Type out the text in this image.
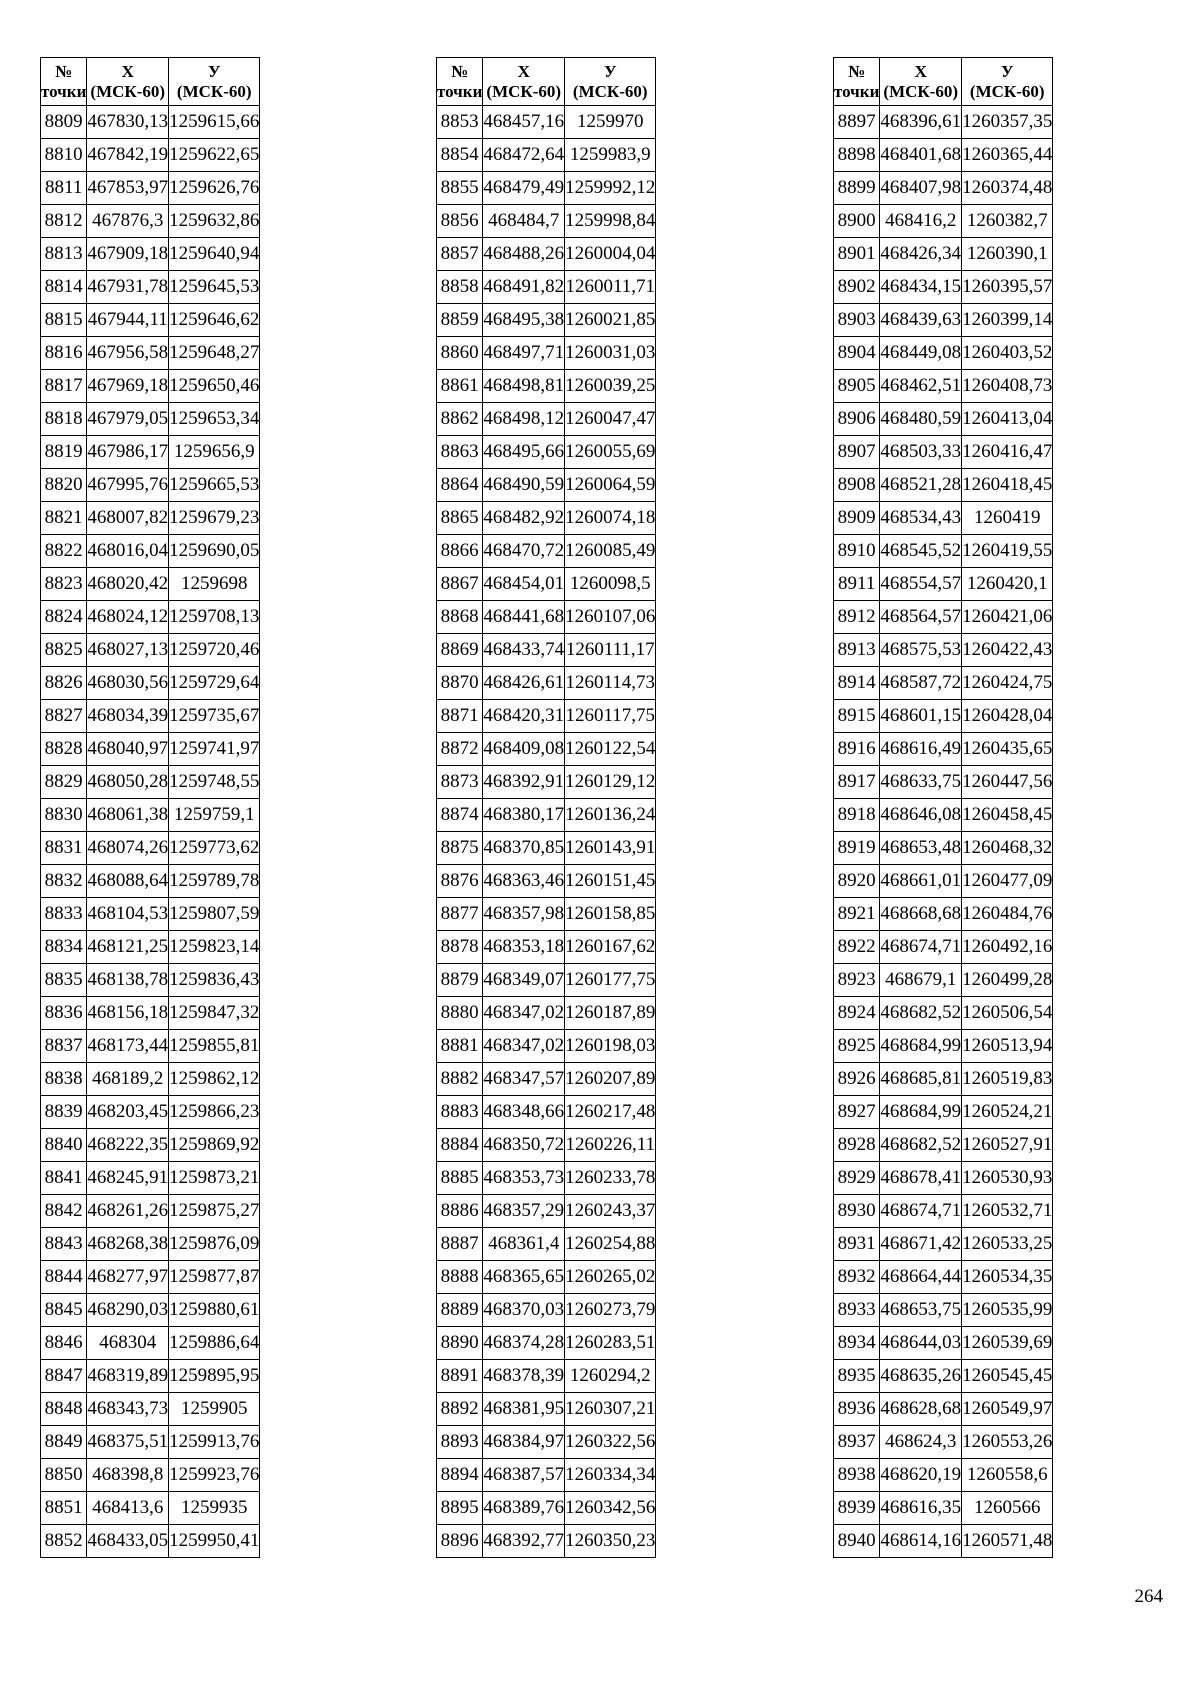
№ точки	X (МСК-60)	У (МСК-60)
8809	467830,13	1259615,66
8810	467842,19	1259622,65
8811	467853,97	1259626,76
8812	467876,3	1259632,86
8813	467909,18	1259640,94
8814	467931,78	1259645,53
8815	467944,11	1259646,62
8816	467956,58	1259648,27
8817	467969,18	1259650,46
8818	467979,05	1259653,34
8819	467986,17	1259656,9
8820	467995,76	1259665,53
8821	468007,82	1259679,23
8822	468016,04	1259690,05
8823	468020,42	1259698
8824	468024,12	1259708,13
8825	468027,13	1259720,46
8826	468030,56	1259729,64
8827	468034,39	1259735,67
8828	468040,97	1259741,97
8829	468050,28	1259748,55
8830	468061,38	1259759,1
8831	468074,26	1259773,62
8832	468088,64	1259789,78
8833	468104,53	1259807,59
8834	468121,25	1259823,14
8835	468138,78	1259836,43
8836	468156,18	1259847,32
8837	468173,44	1259855,81
8838	468189,2	1259862,12
8839	468203,45	1259866,23
8840	468222,35	1259869,92
8841	468245,91	1259873,21
8842	468261,26	1259875,27
8843	468268,38	1259876,09
8844	468277,97	1259877,87
8845	468290,03	1259880,61
8846	468304	1259886,64
8847	468319,89	1259895,95
8848	468343,73	1259905
8849	468375,51	1259913,76
8850	468398,8	1259923,76
8851	468413,6	1259935
8852	468433,05	1259950,41
№ точки	X (МСК-60)	У (МСК-60)
8853	468457,16	1259970
8854	468472,64	1259983,9
8855	468479,49	1259992,12
8856	468484,7	1259998,84
8857	468488,26	1260004,04
8858	468491,82	1260011,71
8859	468495,38	1260021,85
8860	468497,71	1260031,03
8861	468498,81	1260039,25
8862	468498,12	1260047,47
8863	468495,66	1260055,69
8864	468490,59	1260064,59
8865	468482,92	1260074,18
8866	468470,72	1260085,49
8867	468454,01	1260098,5
8868	468441,68	1260107,06
8869	468433,74	1260111,17
8870	468426,61	1260114,73
8871	468420,31	1260117,75
8872	468409,08	1260122,54
8873	468392,91	1260129,12
8874	468380,17	1260136,24
8875	468370,85	1260143,91
8876	468363,46	1260151,45
8877	468357,98	1260158,85
8878	468353,18	1260167,62
8879	468349,07	1260177,75
8880	468347,02	1260187,89
8881	468347,02	1260198,03
8882	468347,57	1260207,89
8883	468348,66	1260217,48
8884	468350,72	1260226,11
8885	468353,73	1260233,78
8886	468357,29	1260243,37
8887	468361,4	1260254,88
8888	468365,65	1260265,02
8889	468370,03	1260273,79
8890	468374,28	1260283,51
8891	468378,39	1260294,2
8892	468381,95	1260307,21
8893	468384,97	1260322,56
8894	468387,57	1260334,34
8895	468389,76	1260342,56
8896	468392,77	1260350,23
№ точки	X (МСК-60)	У (МСК-60)
8897	468396,61	1260357,35
8898	468401,68	1260365,44
8899	468407,98	1260374,48
8900	468416,2	1260382,7
8901	468426,34	1260390,1
8902	468434,15	1260395,57
8903	468439,63	1260399,14
8904	468449,08	1260403,52
8905	468462,51	1260408,73
8906	468480,59	1260413,04
8907	468503,33	1260416,47
8908	468521,28	1260418,45
8909	468534,43	1260419
8910	468545,52	1260419,55
8911	468554,57	1260420,1
8912	468564,57	1260421,06
8913	468575,53	1260422,43
8914	468587,72	1260424,75
8915	468601,15	1260428,04
8916	468616,49	1260435,65
8917	468633,75	1260447,56
8918	468646,08	1260458,45
8919	468653,48	1260468,32
8920	468661,01	1260477,09
8921	468668,68	1260484,76
8922	468674,71	1260492,16
8923	468679,1	1260499,28
8924	468682,52	1260506,54
8925	468684,99	1260513,94
8926	468685,81	1260519,83
8927	468684,99	1260524,21
8928	468682,52	1260527,91
8929	468678,41	1260530,93
8930	468674,71	1260532,71
8931	468671,42	1260533,25
8932	468664,44	1260534,35
8933	468653,75	1260535,99
8934	468644,03	1260539,69
8935	468635,26	1260545,45
8936	468628,68	1260549,97
8937	468624,3	1260553,26
8938	468620,19	1260558,6
8939	468616,35	1260566
8940	468614,16	1260571,48
264
